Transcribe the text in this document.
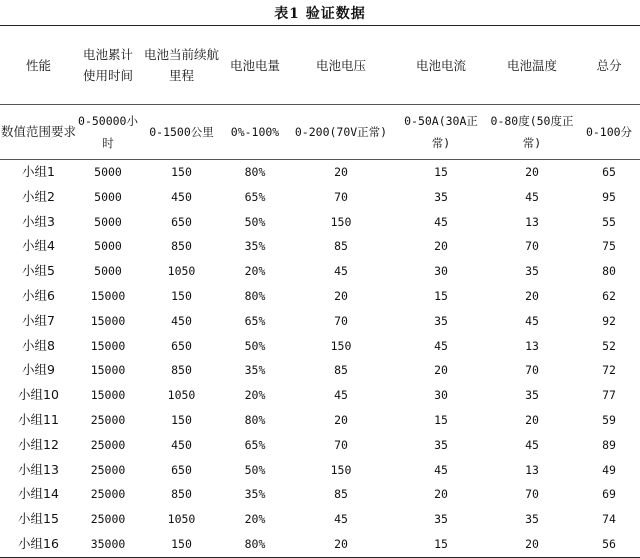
表1 验证数据
性能	电池累计使用时间	电池当前续航里程	电池电量	电池电压	电池电流	电池温度	总分
数值范围要求	0-50000小时	0-1500公里	0%-100%	0-200(70V正常)	0-50A(30A正常)	0-80度(50度正常)	0-100分
小组1	5000	150	80%	20	15	20	65
小组2	5000	450	65%	70	35	45	95
小组3	5000	650	50%	150	45	13	55
小组4	5000	850	35%	85	20	70	75
小组5	5000	1050	20%	45	30	35	80
小组6	15000	150	80%	20	15	20	62
小组7	15000	450	65%	70	35	45	92
小组8	15000	650	50%	150	45	13	52
小组9	15000	850	35%	85	20	70	72
小组10	15000	1050	20%	45	30	35	77
小组11	25000	150	80%	20	15	20	59
小组12	25000	450	65%	70	35	45	89
小组13	25000	650	50%	150	45	13	49
小组14	25000	850	35%	85	20	70	69
小组15	25000	1050	20%	45	35	35	74
小组16	35000	150	80%	20	15	20	56
